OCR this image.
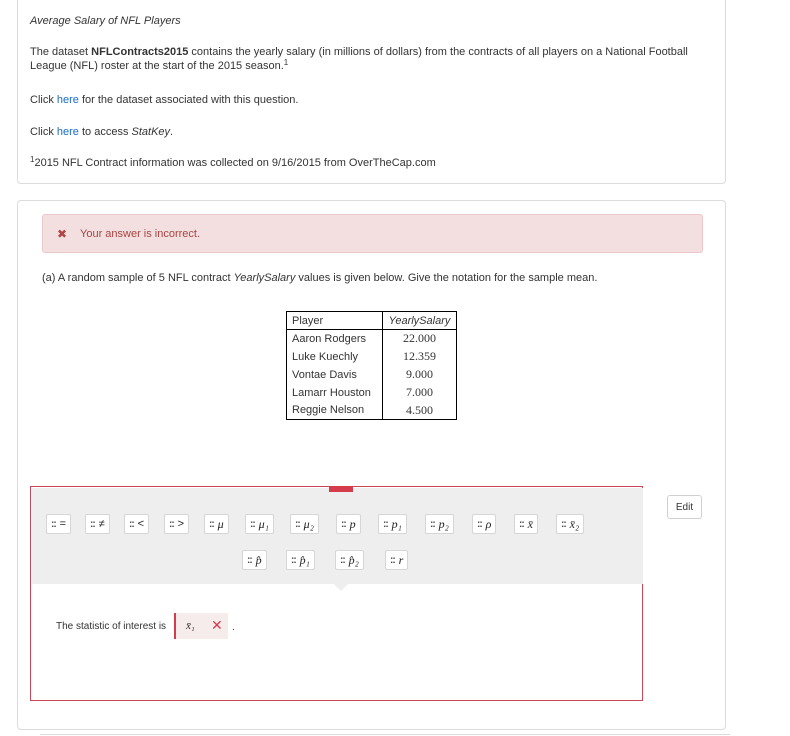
Average Salary of NFL Players
The dataset NFLContracts2015 contains the yearly salary (in millions of dollars) from the contracts of all players on a National Football League (NFL) roster at the start of the 2015 season.$^1$
Click here for the dataset associated with this question.
Click here to access StatKey.
$^1$2015 NFL Contract information was collected on 9/16/2015 from OverTheCap.com
✖ Your answer is incorrect.
(a) A random sample of 5 NFL contract YearlySalary values is given below. Give the notation for the sample mean.
Player	YearlySalary
Aaron Rodgers	22.000
Luke Kuechly	12.359
Vontae Davis	9.000
Lamarr Houston	7.000
Reggie Nelson	4.500
:: = :: ≠ :: < :: > :: μ	:: μ₁	:: μ₂	:: p	:: p₁	:: p₂	:: ρ	:: x̄	:: x̄₂
:: p̂	:: p̂₁	:: p̂₂	:: r
The statistic of interest is x̄₁ ✕ .
Edit
